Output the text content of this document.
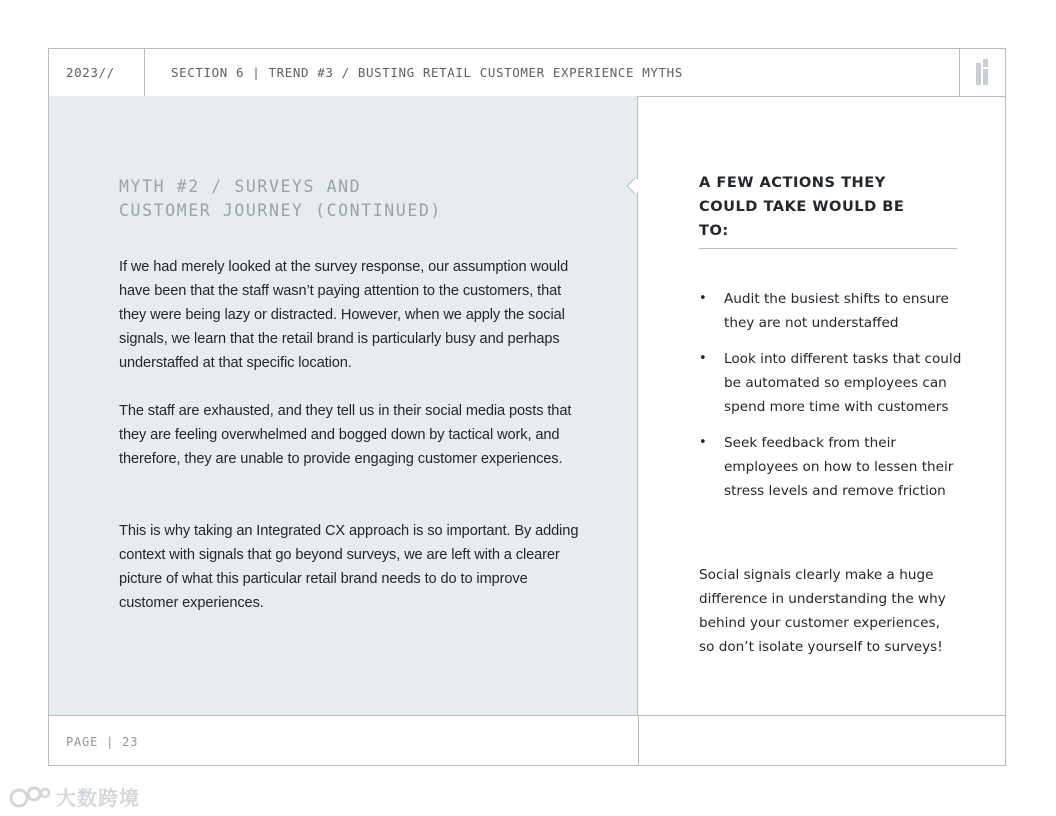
2023//	SECTION 6 | TREND #3 / BUSTING RETAIL CUSTOMER EXPERIENCE MYTHS
MYTH #2 / SURVEYS AND
CUSTOMER JOURNEY (CONTINUED)

If we had merely looked at the survey response, our assumption would have been that the staff wasn’t paying attention to the customers, that they were being lazy or distracted. However, when we apply the social signals, we learn that the retail brand is particularly busy and perhaps understaffed at that specific location.

The staff are exhausted, and they tell us in their social media posts that they are feeling overwhelmed and bogged down by tactical work, and therefore, they are unable to provide engaging customer experiences.

This is why taking an Integrated CX approach is so important. By adding context with signals that go beyond surveys, we are left with a clearer picture of what this particular retail brand needs to do to improve customer experiences.

A FEW ACTIONS THEY COULD TAKE WOULD BE TO:
• Audit the busiest shifts to ensure they are not understaffed
• Look into different tasks that could be automated so employees can spend more time with customers
• Seek feedback from their employees on how to lessen their stress levels and remove friction
Social signals clearly make a huge difference in understanding the why behind your customer experiences, so don’t isolate yourself to surveys!
PAGE | 23
大数跨境
